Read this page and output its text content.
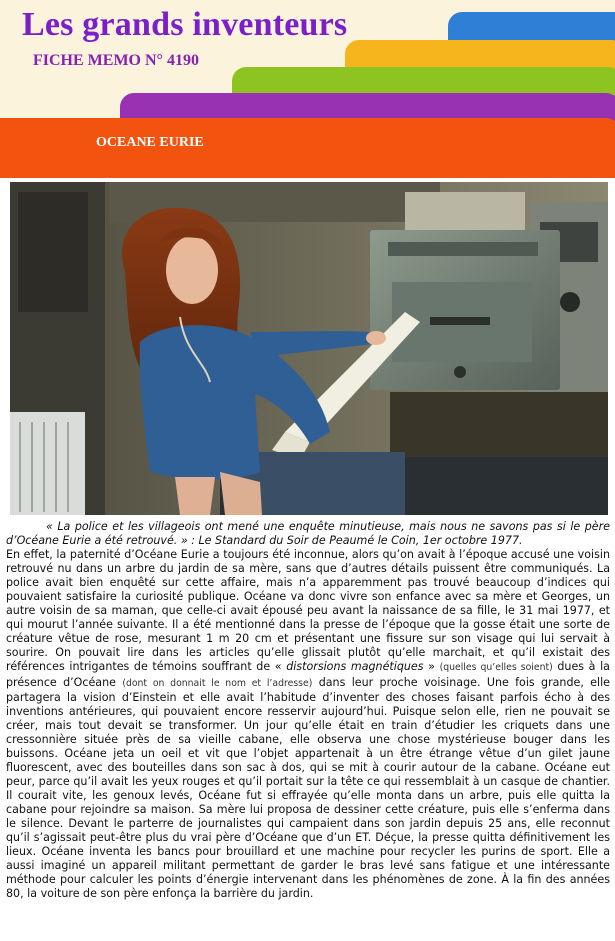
Les grands inventeurs
FICHE MEMO N° 4190
OCEANE EURIE

« La police et les villageois ont mené une enquête minutieuse, mais nous ne savons pas si le père d’Océane Eurie a été retrouvé. » : Le Standard du Soir de Peaumé le Coin, 1er octobre 1977.
En effet, la paternité d’Océane Eurie a toujours été inconnue, alors qu’on avait à l’époque accusé une voisin retrouvé nu dans un arbre du jardin de sa mère, sans que d’autres détails puissent être communiqués. La police avait bien enquêté sur cette affaire, mais n’a apparemment pas trouvé beaucoup d’indices qui pouvaient satisfaire la curiosité publique. Océane va donc vivre son enfance avec sa mère et Georges, un autre voisin de sa maman, que celle-ci avait épousé peu avant la naissance de sa fille, le 31 mai 1977, et qui mourut l’année suivante. Il a été mentionné dans la presse de l’époque que la gosse était une sorte de créature vêtue de rose, mesurant 1 m 20 cm et présentant une fissure sur son visage qui lui servait à sourire. On pouvait lire dans les articles qu’elle glissait plutôt qu’elle marchait, et qu’il existait des références intrigantes de témoins souffrant de « distorsions magnétiques » (quelles qu’elles soient) dues à la présence d’Océane (dont on donnait le nom et l’adresse) dans leur proche voisinage. Une fois grande, elle partagera la vision d’Einstein et elle avait l’habitude d’inventer des choses faisant parfois écho à des inventions antérieures, qui pouvaient encore resservir aujourd’hui. Puisque selon elle, rien ne pouvait se créer, mais tout devait se transformer. Un jour qu’elle était en train d’étudier les criquets dans une cressonnière située près de sa vieille cabane, elle observa une chose mystérieuse bouger dans les buissons. Océane jeta un oeil et vit que l’objet appartenait à un être étrange vêtue d’un gilet jaune fluorescent, avec des bouteilles dans son sac à dos, qui se mit à courir autour de la cabane. Océane eut peur, parce qu’il avait les yeux rouges et qu’il portait sur la tête ce qui ressemblait à un casque de chantier. Il courait vite, les genoux levés, Océane fut si effrayée qu’elle monta dans un arbre, puis elle quitta la cabane pour rejoindre sa maison. Sa mère lui proposa de dessiner cette créature, puis elle s’enferma dans le silence. Devant le parterre de journalistes qui campaient dans son jardin depuis 25 ans, elle reconnut qu’il s’agissait peut-être plus du vrai père d’Océane que d’un ET. Déçue, la presse quitta définitivement les lieux. Océane inventa les bancs pour brouillard et une machine pour recycler les purins de sport. Elle a aussi imaginé un appareil militant permettant de garder le bras levé sans fatigue et une intéressante méthode pour calculer les points d’énergie intervenant dans les phénomènes de zone. À la fin des années 80, la voiture de son père enfonça la barrière du jardin.
